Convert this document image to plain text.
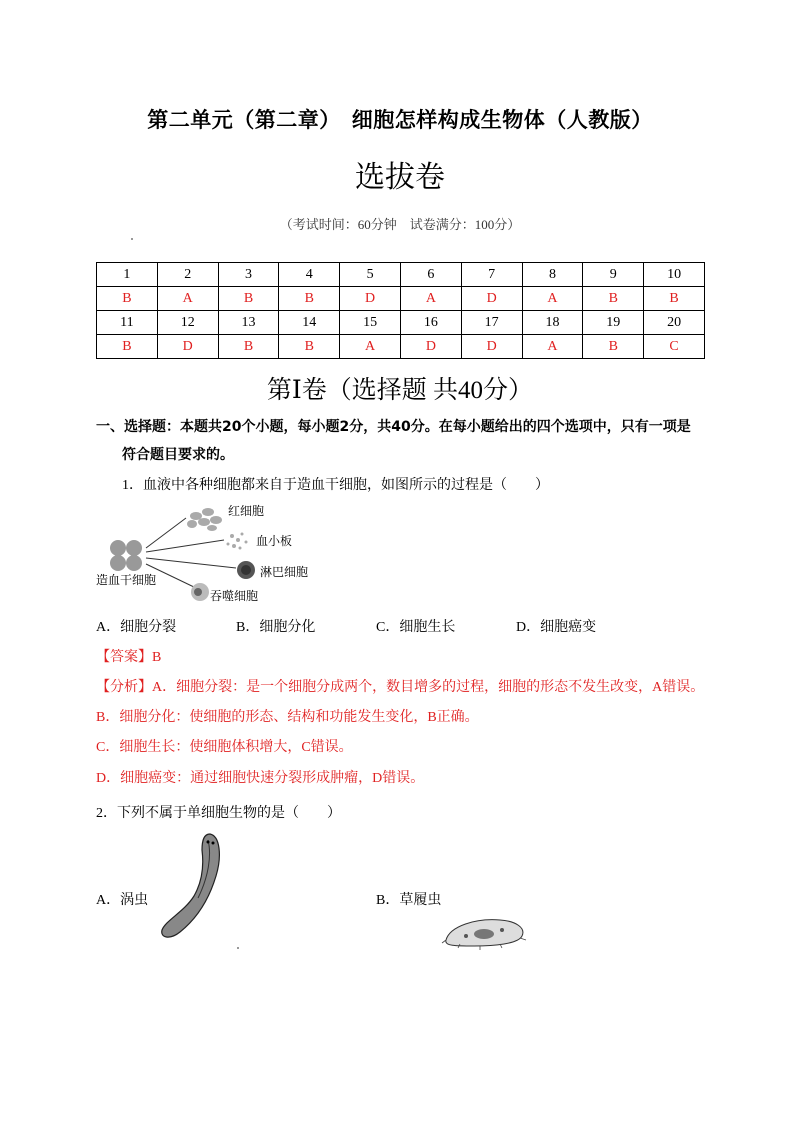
第二单元（第二章）　细胞怎样构成生物体（人教版）
选拔卷
（考试时间：60分钟　试卷满分：100分）
1	2	3	4	5	6	7	8	9	10
B	A	B	B	D	A	D	A	B	B
11	12	13	14	15	16	17	18	19	20
B	D	B	B	A	D	D	A	B	C
第Ⅰ卷（选择题 共40分）
一、选择题：本题共20个小题，每小题2分，共40分。在每小题给出的四个选项中，只有一项是
符合题目要求的。
1．血液中各种细胞都来自于造血干细胞，如图所示的过程是（　　）
红细胞
血小板
淋巴细胞
造血干细胞
吞噬细胞
A．细胞分裂	B．细胞分化	C．细胞生长	D．细胞癌变
【答案】B
【分析】A．细胞分裂：是一个细胞分成两个，数目增多的过程，细胞的形态不发生改变，A错误。
B．细胞分化：使细胞的形态、结构和功能发生变化，B正确。
C．细胞生长：使细胞体积增大，C错误。
D．细胞癌变：通过细胞快速分裂形成肿瘤，D错误。
2．下列不属于单细胞生物的是（　　）
A．涡虫	B．草履虫
